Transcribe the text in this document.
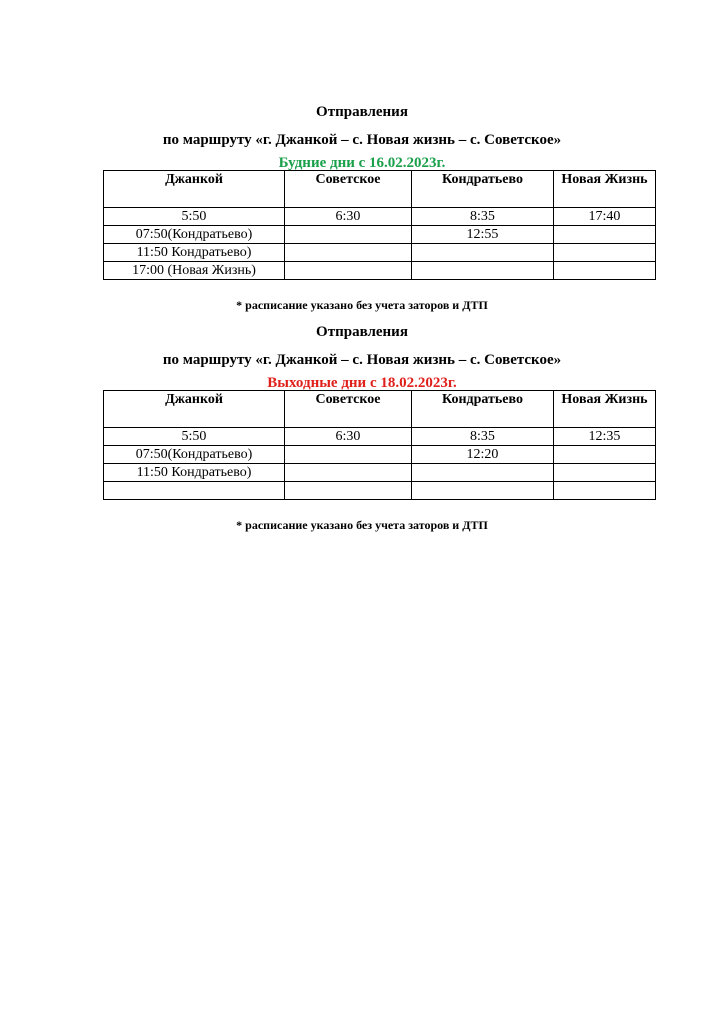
Отправления

по маршруту «г. Джанкой – с. Новая жизнь – с. Советское»

Будние дни с 16.02.2023г.

Джанкой	Советское	Кондратьево	Новая Жизнь
5:50	6:30	8:35	17:40
07:50(Кондратьево)		12:55	
11:50 Кондратьево)			
17:00 (Новая Жизнь)			
* расписание указано без учета заторов и ДТП

Отправления

по маршруту «г. Джанкой – с. Новая жизнь – с. Советское»

Выходные дни с 18.02.2023г.

Джанкой	Советское	Кондратьево	Новая Жизнь
5:50	6:30	8:35	12:35
07:50(Кондратьево)		12:20	
11:50 Кондратьево)			

* расписание указано без учета заторов и ДТП
